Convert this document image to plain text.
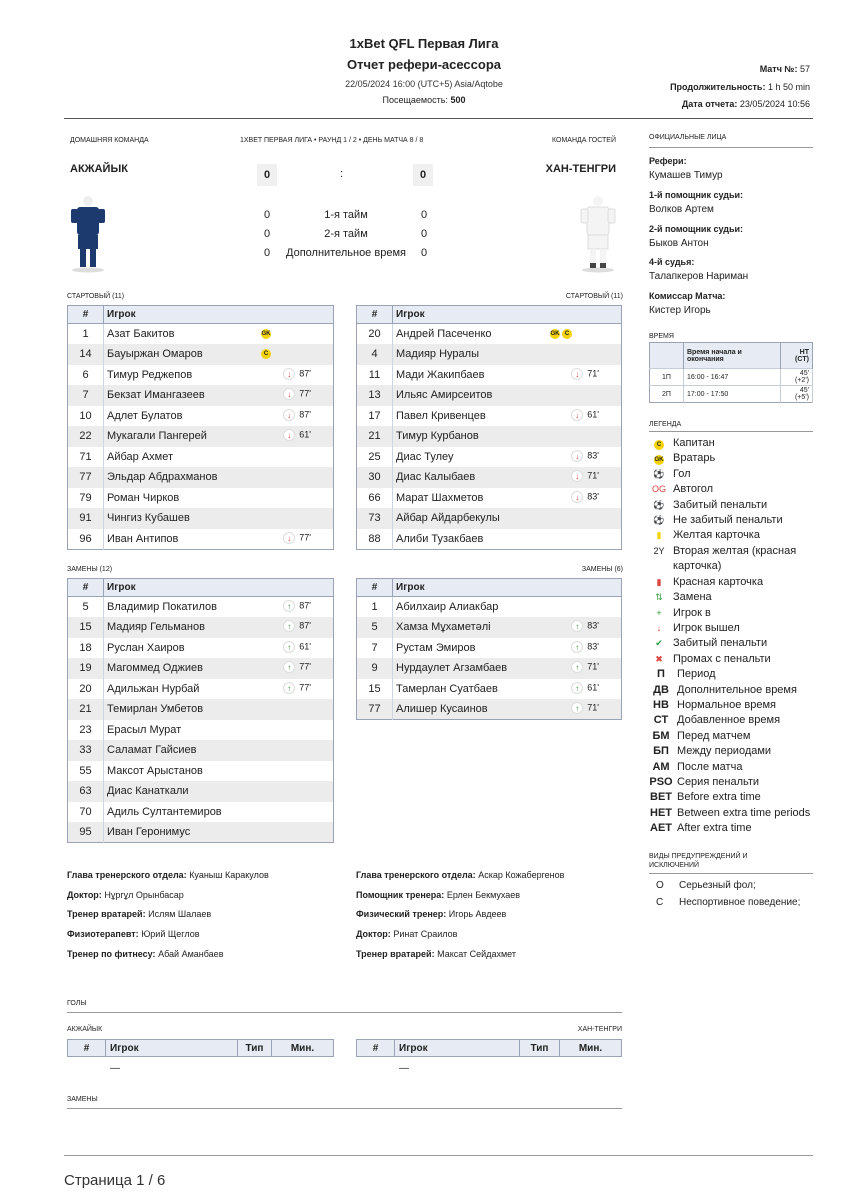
1xBet QFL Первая Лига
Отчет рефери-асессора
22/05/2024 16:00 (UTC+5) Asia/Aqtobe
Посещаемость: 500
Матч №: 57
Продолжительность: 1 h 50 min
Дата отчета: 23/05/2024 10:56
ДОМАШНЯЯ КОМАНДА	1XBET ПЕРВАЯ ЛИГА • РАУНД 1 / 2 • ДЕНЬ МАТЧА 8 / 8	КОМАНДА ГОСТЕЙ
АКЖАЙЫК	ХАН-ТЕНГРИ
0	:	0
0	1-я тайм	0
0	2-я тайм	0
0	Дополнительное время	0
СТАРТОВЫЙ (11)	СТАРТОВЫЙ (11)
ЗАМЕНЫ (12)	ЗАМЕНЫ (6)
#	Игрок
1	Азат Бакитов GK
14	Бауыржан Омаров C
6	Тимур Реджепов ↓ 87'

7	Бекзат Имангазеев ↓ 77'

10	Адлет Булатов ↓ 87'

22	Мукагали Пангерей ↓ 61'

71	Айбар Ахмет
77	Эльдар Абдрахманов
79	Роман Чирков
91	Чингиз Кубашев
96	Иван Антипов ↓ 77'
#	Игрок
20	Андрей Пасеченко GK C
4	Мадияр Нуралы
11	Мади Жакипбаев ↓ 71'

13	Ильяс Амирсеитов
17	Павел Кривенцев ↓ 61'

21	Тимур Курбанов
25	Диас Тулеу ↓ 83'

30	Диас Калыбаев ↓ 71'

66	Марат Шахметов ↓ 83'

73	Айбар Айдарбекулы
88	Алиби Тузакбаев
#	Игрок
5	Владимир Покатилов ↑ 87'

15	Мадияр Гельманов ↑ 87'

18	Руслан Хаиров ↑ 61'

19	Магоммед Оджиев ↑ 77'

20	Адильжан Нурбай ↑ 77'

21	Темирлан Умбетов
23	Ерасыл Мурат
33	Саламат Гайсиев
55	Максот Арыстанов
63	Диас Канаткали
70	Адиль Султантемиров
95	Иван Геронимус
#	Игрок
1	Абилхаир Алиакбар
5	Хамза Мұхаметәлі ↑ 83'

7	Рустам Эмиров ↑ 83'

9	Нурдаулет Агзамбаев ↑ 71'

15	Тамерлан Суатбаев ↑ 61'

77	Алишер Кусаинов ↑ 71'
Глава тренерского отдела: Куаныш Каракулов
Доктор: Нұргұл Орынбасар
Тренер вратарей: Ислям Шалаев
Физиотерапевт: Юрий Щеглов
Тренер по фитнесу: Абай Аманбаев
Глава тренерского отдела: Аскар Кожабергенов
Помощник тренера: Ерлен Бекмухаев
Физический тренер: Игорь Авдеев
Доктор: Ринат Сраилов
Тренер вратарей: Максат Сейдахмет
ОФИЦИАЛЬНЫЕ ЛИЦА
Рефери:
Кумашев Тимур
1-й помощник судьи:
Волков Артем
2-й помощник судьи:
Быков Антон
4-й судья:
Талапкеров Нариман
Комиссар Матча:
Кистер Игорь
ВРЕМЯ
	Время начала и окончания	HT (CT)
1П	16:00 - 16:47	45' (+2')
2П	17:00 - 17:50	45' (+5')
ЛЕГЕНДА
C Капитан
GK Вратарь
⚽ Гол
OG Автогол
⚽ Забитый пенальти
⚽ Не забитый пенальти
▮ Желтая карточка
2Y Вторая желтая (красная карточка)
▮ Красная карточка
⇅ Замена
+ Игрок в
↓ Игрок вышел
✔ Забитый пенальти
✖ Промах с пенальти
П Период
ДВ Дополнительное время
НВ Нормальное время
СТ Добавленное время
БМ Перед матчем
БП Между периодами
АМ После матча
PSO Серия пенальти
BET Before extra time
HET Between extra time periods
AET After extra time
ВИДЫ ПРЕДУПРЕЖДЕНИЙ И ИСКЛЮЧЕНИЙ
О Серьезный фол;
С Неспортивное поведение;
ГОЛЫ
АКЖАЙЫК	ХАН-ТЕНГРИ
#	Игрок	Тип	Мин.
—
#	Игрок	Тип	Мин.
—
ЗАМЕНЫ
Страница 1 / 6
